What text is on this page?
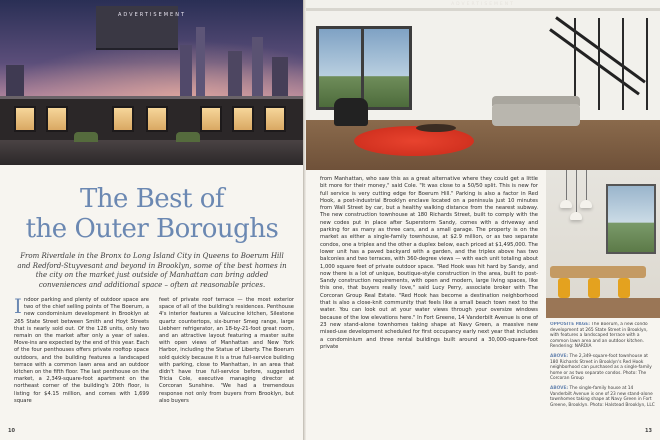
ADVERTISEMENT
The Best of
the Outer Boroughs

From Riverdale in the Bronx to Long Island City in Queens to Boerum Hill and Redford-Stuyvesant and beyond in Brooklyn, some of the best homes in the city on the market just outside of Manhattan can bring added conveniences and additional space – often at reasonable prices.

Indoor parking and plenty of outdoor space are two of the chief selling points of The Boerum, a new condominium development in Brooklyn at 265 State Street between Smith and Hoyt Streets that is nearly sold out. Of the 128 units, only two remain on the market after only a year of sales. Move-ins are expected by the end of this year. Each of the four penthouses offers private rooftop space outdoors, and the building features a landscaped terrace with a common lawn area and an outdoor kitchen on the fifth floor. The last penthouse on the market, a 2,349-square-foot apartment on the northeast corner of the building's 20th floor, is listing for $4.15 million, and comes with 1,699 square
feet of private roof terrace — the most exterior space of all of the building's residences. Penthouse 4's interior features a Valcucine kitchen, Silestone quartz countertops, six-burner Smeg range, large Liebherr refrigerator, an 18-by-21-foot great room, and an attractive layout featuring a master suite with open views of Manhattan and New York Harbor, including the Statue of Liberty. The Boerum sold quickly because it is a true full-service building with parking, close to Manhattan, in an area that didn't have true full-service before, suggested Tricia Cole, executive managing director at Corcoran Sunshine. "We had a tremendous response not only from buyers from Brooklyn, but also buyers
10
ADVERTISEMENT
from Manhattan, who saw this as a great alternative where they could get a little bit more for their money," said Cole. "It was close to a 50/50 split. This is new for full service is very cutting edge for Boerum Hill." Parking is also a factor in Red Hook, a post-industrial Brooklyn enclave located on a peninsula just 10 minutes from Wall Street by car, but a healthy walking distance from the nearest subway. The new construction townhouse at 180 Richards Street, built to comply with the new codes put in place after Superstorm Sandy, comes with a driveway and parking for as many as three cars, and a small garage. The property is on the market as either a single-family townhouse, at $2.9 million, or as two separate condos, one a triplex and the other a duplex below, each priced at $1,495,000. The lower unit has a paved backyard with a garden, and the triplex above has two balconies and two terraces, with 360-degree views — with each unit totaling about 1,000 square feet of private outdoor space. "Red Hook was hit hard by Sandy, and now there is a lot of unique, boutique-style construction in the area, built to post-Sandy construction requirements, with open and modern, large living spaces, like this one, that buyers really love," said Lucy Perry, associate broker with The Corcoran Group Real Estate. "Red Hook has become a destination neighborhood that is also a close-knit community that feels like a small beach town next to the water. You can look out at your water views through your oversize windows because of the low elevations here." In Fort Greene, 14 Vanderbilt Avenue is one of 23 new stand-alone townhomes taking shape at Navy Green, a massive new mixed-use development scheduled for first occupancy early next year that includes a condominium and three rental buildings built around a 30,000-square-foot private

OPPOSITE PAGE: The Boerum, a new condo development at 265 State Street in Brooklyn, with features a landscaped terrace with a common lawn area and an outdoor kitchen. Rendering: NARDIA

ABOVE: The 2,349-square-foot townhouse at 180 Richards Street in Brooklyn's Red Hook neighborhood can purchased as a single-family home or as two separate condos. Photo: The Corcoran Group

ABOVE: The single-family house at 14 Vanderbilt Avenue is one of 23 new stand-alone townhomes taking shape at Navy Green in Fort Greene, Brooklyn. Photo: Halstead Brooklyn, LLC

13
